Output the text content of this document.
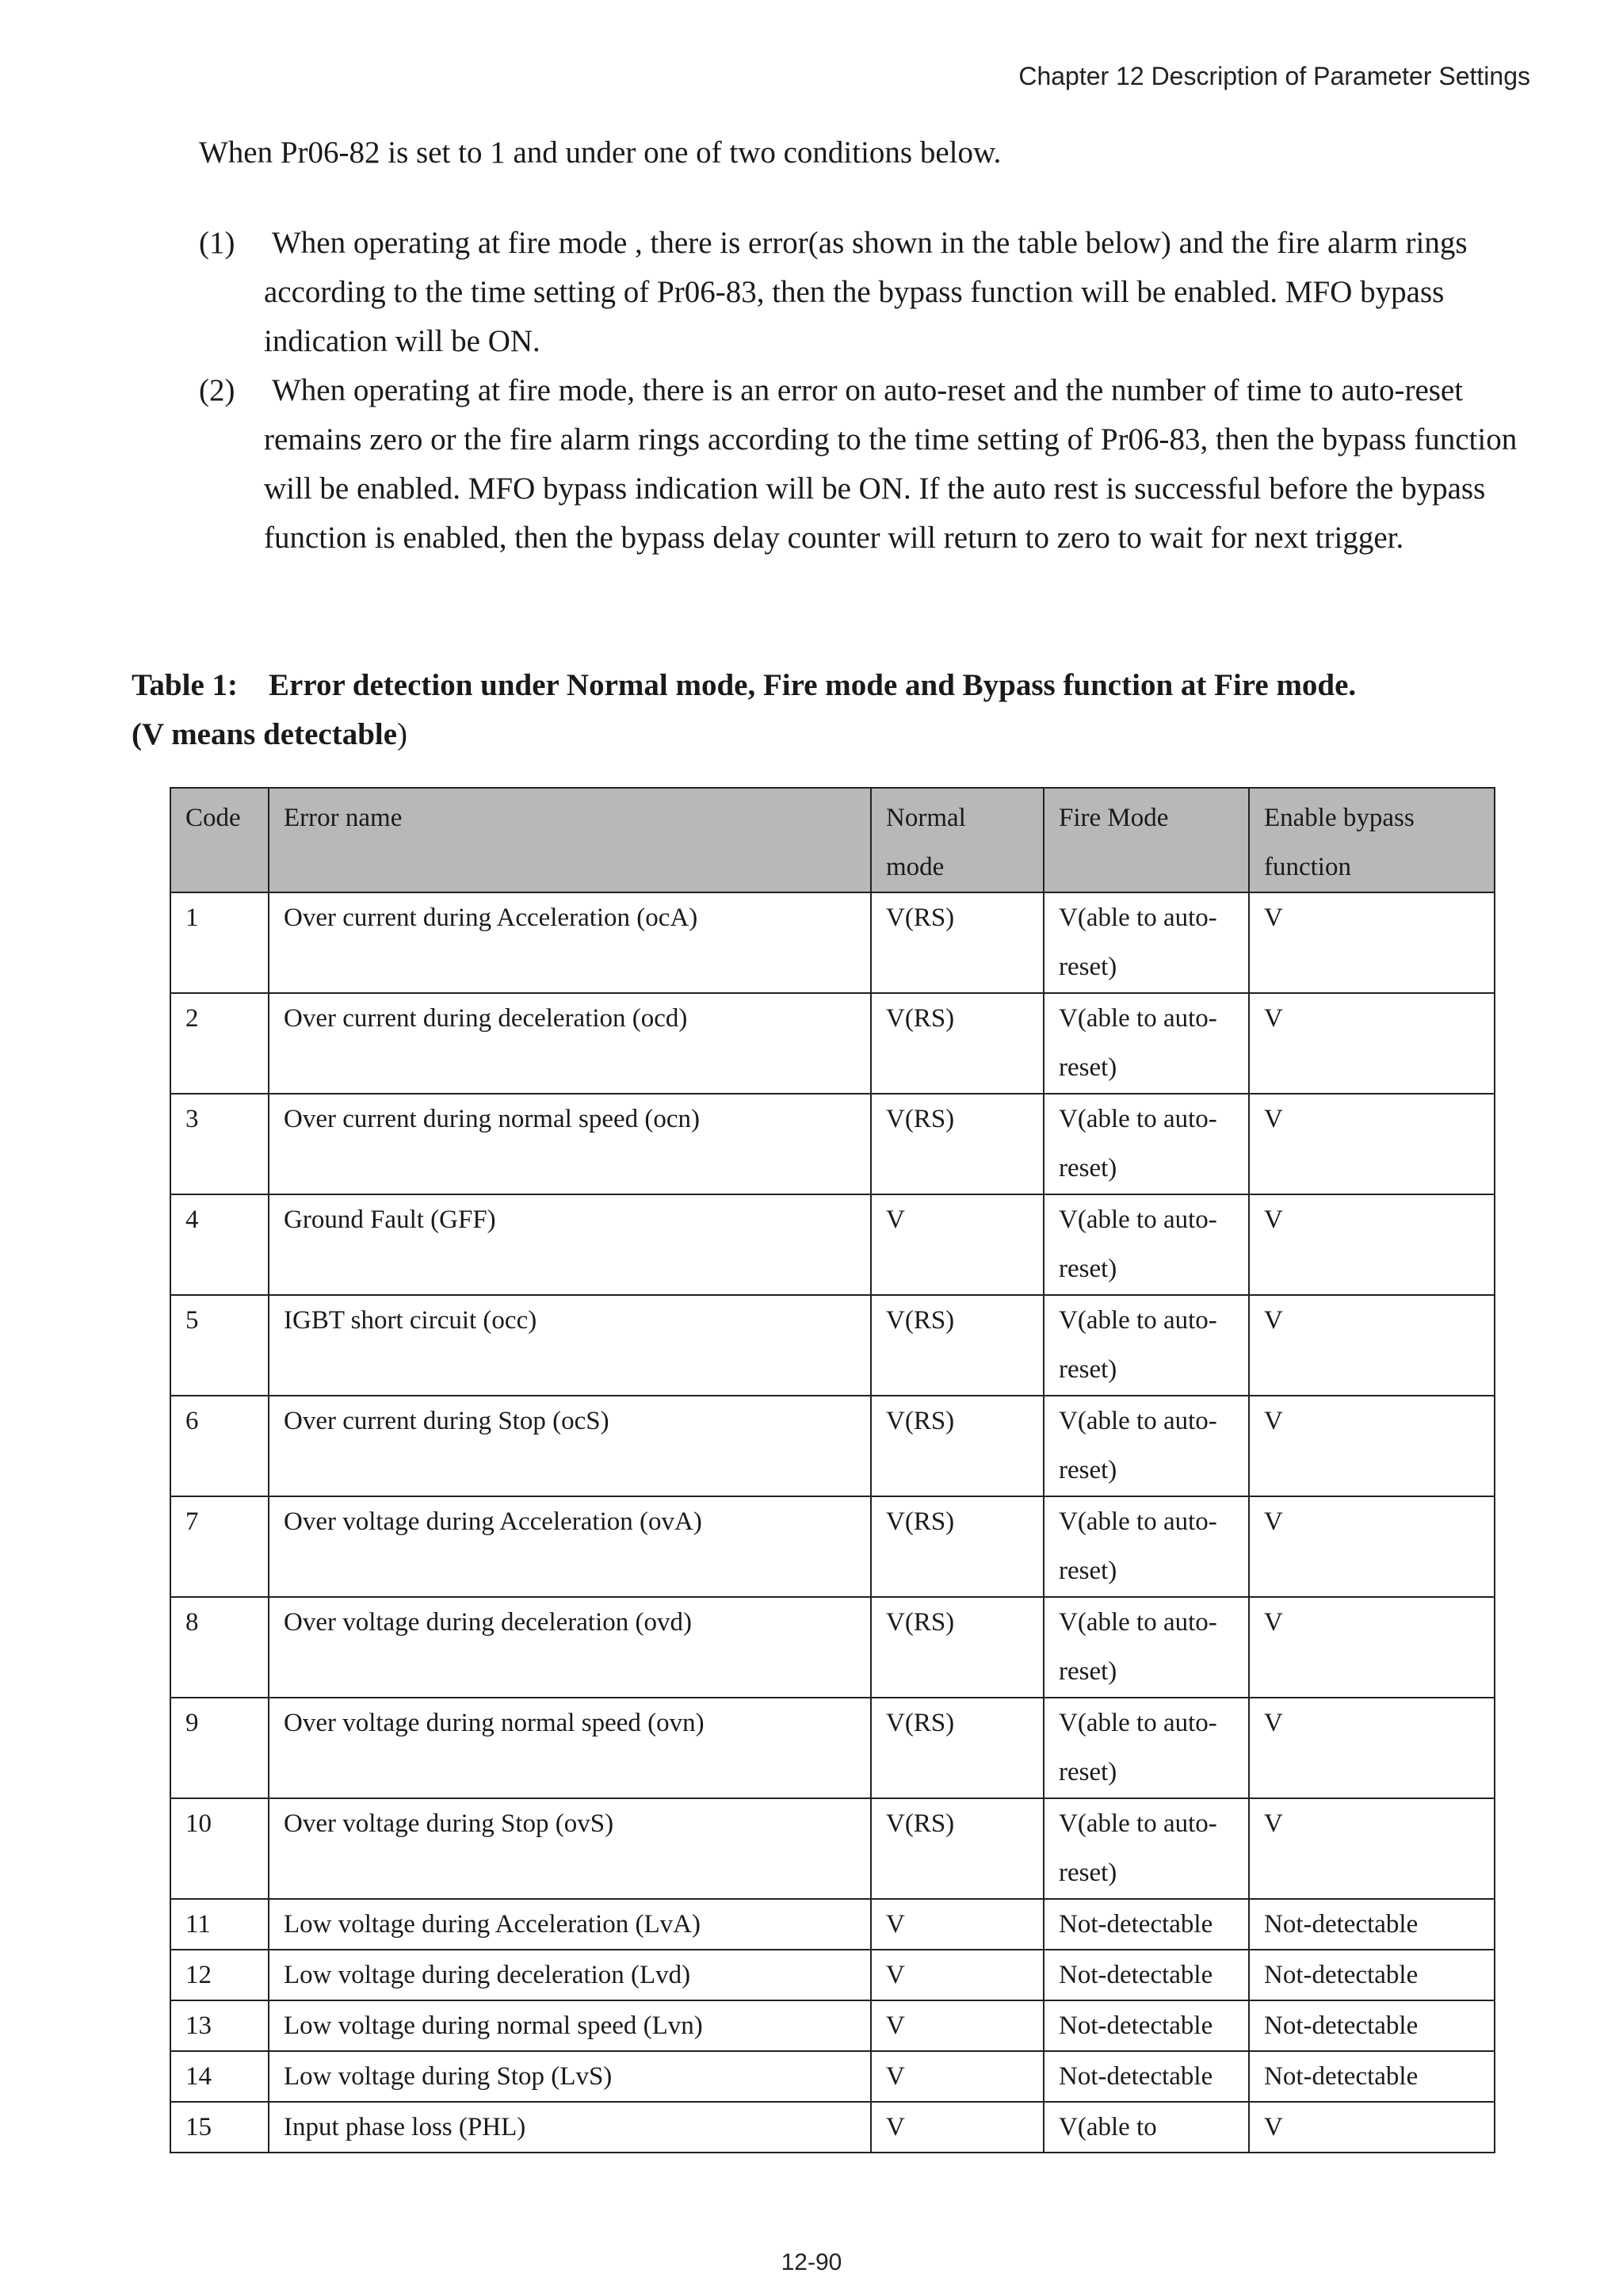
Chapter 12 Description of Parameter Settings
When Pr06-82 is set to 1 and under one of two conditions below.
(1)	When operating at fire mode , there is error(as shown in the table below) and the fire alarm rings according to the time setting of Pr06-83, then the bypass function will be enabled. MFO bypass indication will be ON.
(2)	When operating at fire mode, there is an error on auto-reset and the number of time to auto-reset remains zero or the fire alarm rings according to the time setting of Pr06-83, then the bypass function will be enabled. MFO bypass indication will be ON. If the auto rest is successful before the bypass function is enabled, then the bypass delay counter will return to zero to wait for next trigger.
Table 1: Error detection under Normal mode, Fire mode and Bypass function at Fire mode.
(V means detectable)
Code	Error name	Normal mode	Fire Mode	Enable bypass function
1	Over current during Acceleration (ocA)	V(RS)	V(able to auto-reset)	V
2	Over current during deceleration (ocd)	V(RS)	V(able to auto-reset)	V
3	Over current during normal speed (ocn)	V(RS)	V(able to auto-reset)	V
4	Ground Fault (GFF)	V	V(able to auto-reset)	V
5	IGBT short circuit (occ)	V(RS)	V(able to auto-reset)	V
6	Over current during Stop (ocS)	V(RS)	V(able to auto-reset)	V
7	Over voltage during Acceleration (ovA)	V(RS)	V(able to auto-reset)	V
8	Over voltage during deceleration (ovd)	V(RS)	V(able to auto-reset)	V
9	Over voltage during normal speed (ovn)	V(RS)	V(able to auto-reset)	V
10	Over voltage during Stop (ovS)	V(RS)	V(able to auto-reset)	V
11	Low voltage during Acceleration (LvA)	V	Not-detectable	Not-detectable
12	Low voltage during deceleration (Lvd)	V	Not-detectable	Not-detectable
13	Low voltage during normal speed (Lvn)	V	Not-detectable	Not-detectable
14	Low voltage during Stop (LvS)	V	Not-detectable	Not-detectable
15	Input phase loss (PHL)	V	V(able to	V
12-90
